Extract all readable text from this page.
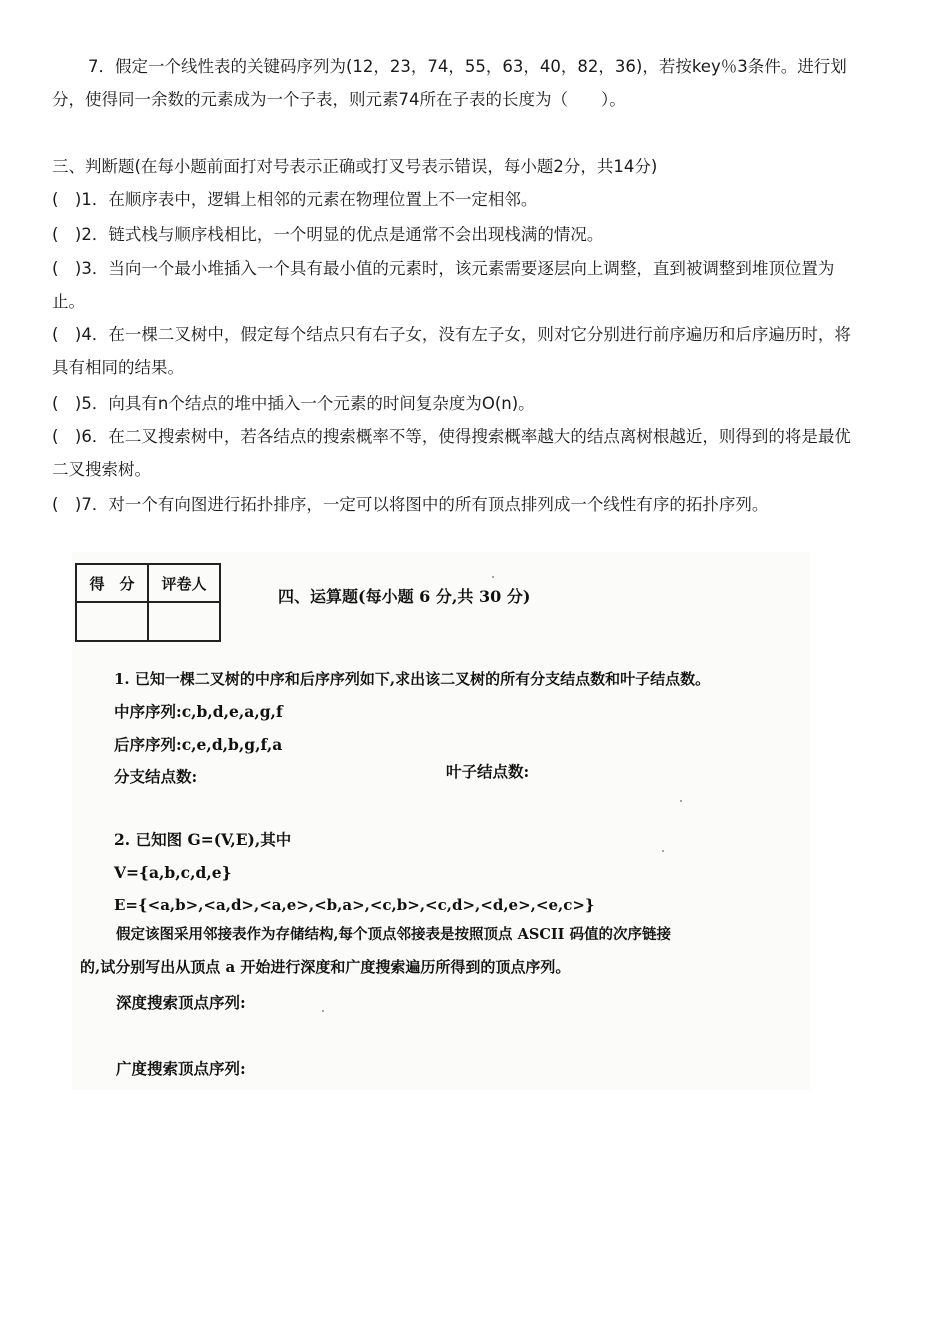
7．假定一个线性表的关键码序列为(12，23，74，55，63，40，82，36)，若按key％3条件。进行划
分，使得同一余数的元素成为一个子表，则元素74所在子表的长度为（　　）。
三、判断题(在每小题前面打对号表示正确或打叉号表示错误，每小题2分，共14分)
(　)1．在顺序表中，逻辑上相邻的元素在物理位置上不一定相邻。
(　)2．链式栈与顺序栈相比，一个明显的优点是通常不会出现栈满的情况。
(　)3．当向一个最小堆插入一个具有最小值的元素时，该元素需要逐层向上调整，直到被调整到堆顶位置为
止。
(　)4．在一棵二叉树中，假定每个结点只有右子女，没有左子女，则对它分别进行前序遍历和后序遍历时，将
具有相同的结果。
(　)5．向具有n个结点的堆中插入一个元素的时间复杂度为O(n)。
(　)6．在二叉搜索树中，若各结点的搜索概率不等，使得搜索概率越大的结点离树根越近，则得到的将是最优
二叉搜索树。
(　)7．对一个有向图进行拓扑排序，一定可以将图中的所有顶点排列成一个线性有序的拓扑序列。
得　分	评卷人

四、运算题(每小题 6 分,共 30 分)
1. 已知一棵二叉树的中序和后序序列如下,求出该二叉树的所有分支结点数和叶子结点数。
中序序列:c,b,d,e,a,g,f
后序序列:c,e,d,b,g,f,a
分支结点数:	叶子结点数:
2. 已知图 G=(V,E),其中
V={a,b,c,d,e}
E={<a,b>,<a,d>,<a,e>,<b,a>,<c,b>,<c,d>,<d,e>,<e,c>}
假定该图采用邻接表作为存储结构,每个顶点邻接表是按照顶点 ASCII 码值的次序链接
的,试分别写出从顶点 a 开始进行深度和广度搜索遍历所得到的顶点序列。
深度搜索顶点序列:
广度搜索顶点序列:
